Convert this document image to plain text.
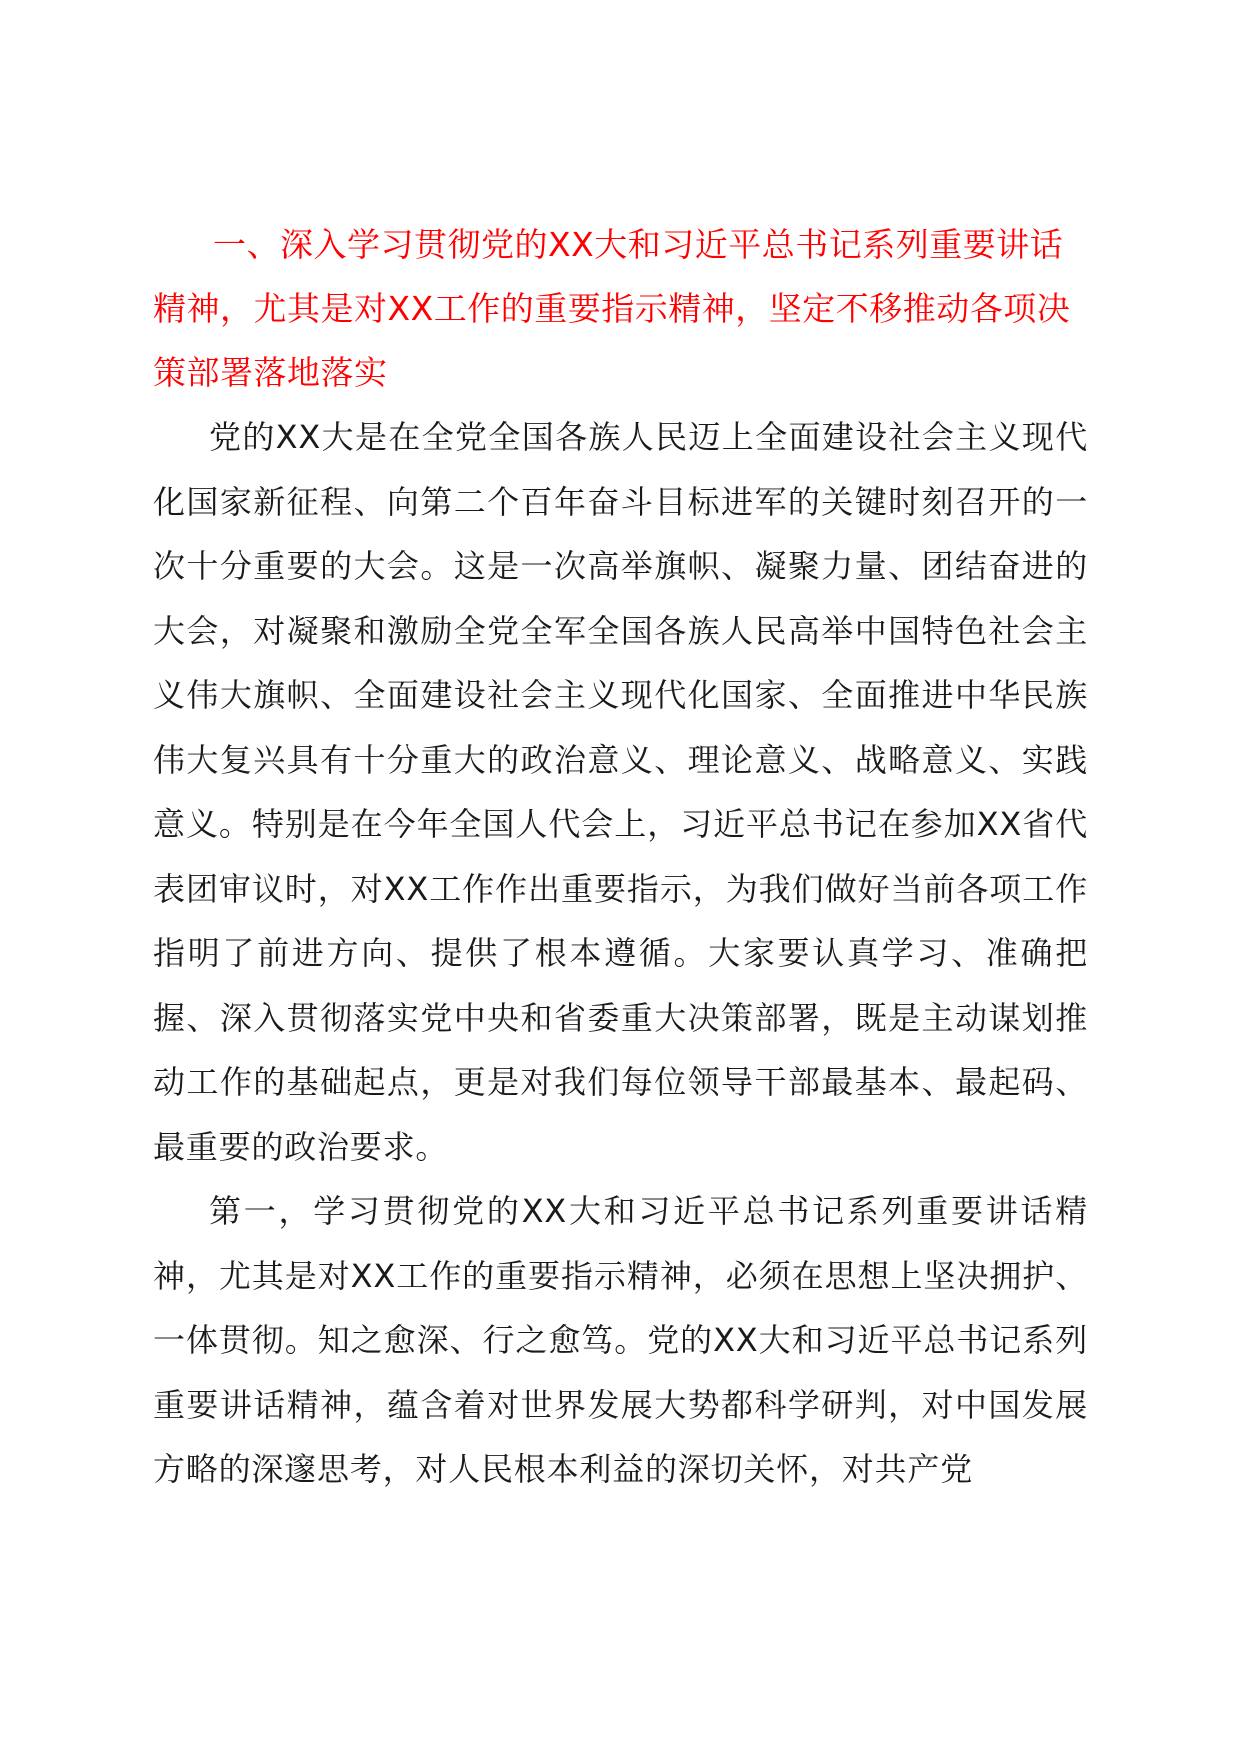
一、深入学习贯彻党的XX大和习近平总书记系列重要讲话精神，尤其是对XX工作的重要指示精神，坚定不移推动各项决策部署落地落实

党的XX大是在全党全国各族人民迈上全面建设社会主义现代化国家新征程、向第二个百年奋斗目标进军的关键时刻召开的一次十分重要的大会。这是一次高举旗帜、凝聚力量、团结奋进的大会，对凝聚和激励全党全军全国各族人民高举中国特色社会主义伟大旗帜、全面建设社会主义现代化国家、全面推进中华民族伟大复兴具有十分重大的政治意义、理论意义、战略意义、实践意义。特别是在今年全国人代会上，习近平总书记在参加XX省代表团审议时，对XX工作作出重要指示，为我们做好当前各项工作指明了前进方向、提供了根本遵循。大家要认真学习、准确把握、深入贯彻落实党中央和省委重大决策部署，既是主动谋划推动工作的基础起点，更是对我们每位领导干部最基本、最起码、最重要的政治要求。

第一，学习贯彻党的XX大和习近平总书记系列重要讲话精神，尤其是对XX工作的重要指示精神，必须在思想上坚决拥护、一体贯彻。知之愈深、行之愈笃。党的XX大和习近平总书记系列重要讲话精神，蕴含着对世界发展大势都科学研判，对中国发展方略的深邃思考，对人民根本利益的深切关怀，对共产党
